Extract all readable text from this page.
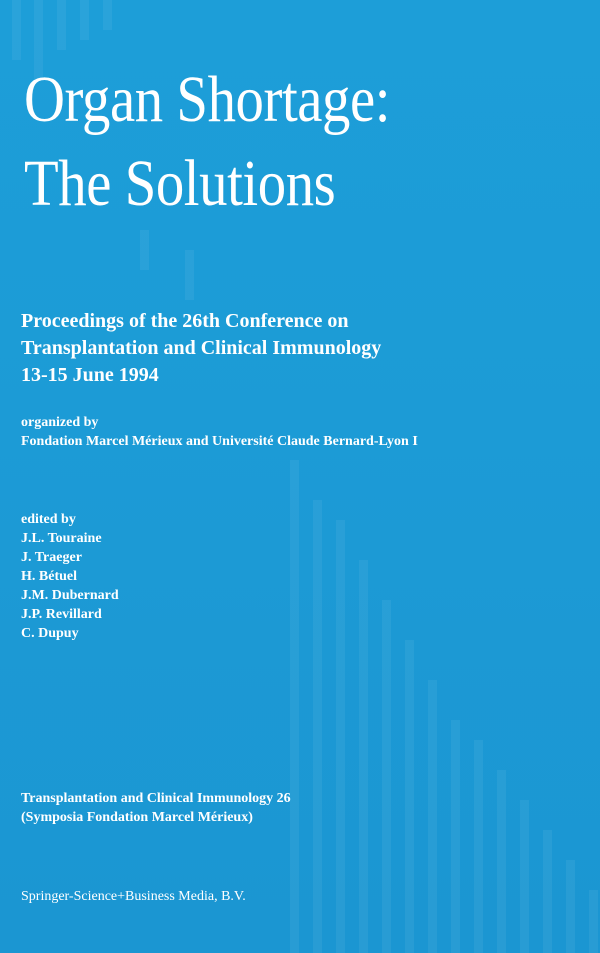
Organ Shortage:
The Solutions
Proceedings of the 26th Conference on
Transplantation and Clinical Immunology
13-15 June 1994
organized by
Fondation Marcel Mérieux and Université Claude Bernard-Lyon I
edited by
J.L. Touraine
J. Traeger
H. Bétuel
J.M. Dubernard
J.P. Revillard
C. Dupuy
Transplantation and Clinical Immunology 26
(Symposia Fondation Marcel Mérieux)
Springer-Science+Business Media, B.V.
